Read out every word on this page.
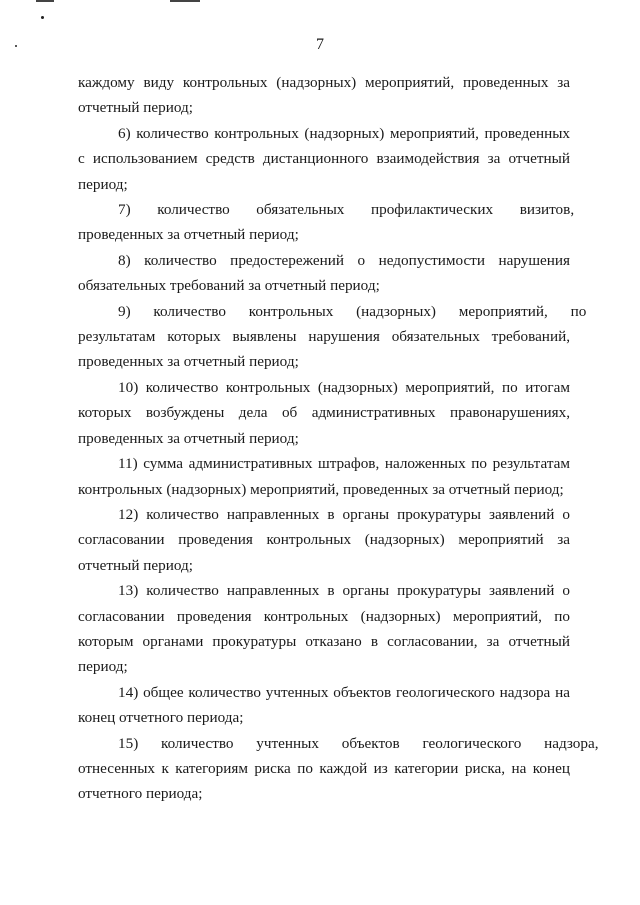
7

каждому виду контрольных (надзорных) мероприятий, проведенных за отчетный период;

6) количество контрольных (надзорных) мероприятий, проведенных с использованием средств дистанционного взаимодействия за отчетный период;

7)       количество       обязательных       профилактических       визитов, проведенных за отчетный период;

8) количество предостережений о недопустимости нарушения обязательных требований за отчетный период;

9)      количество      контрольных      (надзорных)      мероприятий,      по результатам которых выявлены нарушения обязательных требований, проведенных за отчетный период;

10) количество контрольных (надзорных) мероприятий, по итогам которых возбуждены дела об административных правонарушениях, проведенных за отчетный период;

11) сумма административных штрафов, наложенных по результатам контрольных (надзорных) мероприятий, проведенных за отчетный период;

12) количество направленных в органы прокуратуры заявлений о согласовании проведения контрольных (надзорных) мероприятий за отчетный период;

13) количество направленных в органы прокуратуры заявлений о согласовании проведения контрольных (надзорных) мероприятий, по которым органами прокуратуры отказано в согласовании, за отчетный период;

14) общее количество учтенных объектов геологического надзора на конец отчетного периода;

15)      количество      учтенных      объектов      геологического      надзора, отнесенных к категориям риска по каждой из категории риска, на конец отчетного периода;
